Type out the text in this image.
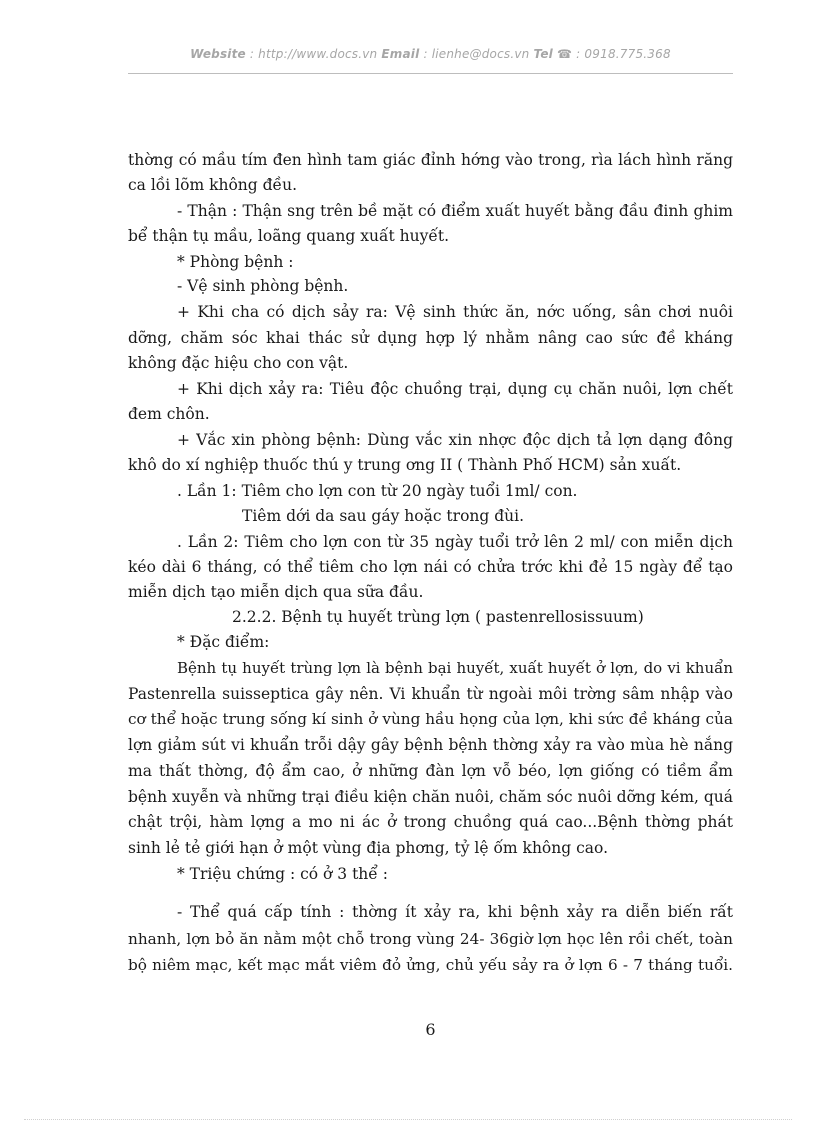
Website : http://www.docs.vn Email : lienhe@docs.vn Tel ☎ : 0918.775.368
thờng có mầu tím đen hình tam giác đỉnh hớng vào trong, rìa lách hình răng
ca lồi lõm không đều.
- Thận : Thận sng trên bề mặt có điểm xuất huyết bằng đầu đinh ghim
bể thận tụ mầu, loãng quang xuất huyết.
* Phòng bệnh :
- Vệ sinh phòng bệnh.
+ Khi cha có dịch sảy ra: Vệ sinh thức ăn, nớc uống, sân chơi nuôi
dỡng, chăm sóc khai thác sử dụng hợp lý nhằm nâng cao sức đề kháng
không đặc hiệu cho con vật.
+ Khi dịch xảy ra: Tiêu độc chuồng trại, dụng cụ chăn nuôi, lợn chết
đem chôn.
+ Vắc xin phòng bệnh: Dùng vắc xin nhợc độc dịch tả lợn dạng đông
khô do xí nghiệp thuốc thú y trung ơng II ( Thành Phố HCM) sản xuất.
. Lần 1: Tiêm cho lợn con từ 20 ngày tuổi 1ml/ con.
Tiêm dới da sau gáy hoặc trong đùi.
. Lần 2: Tiêm cho lợn con từ 35 ngày tuổi trở lên 2 ml/ con miễn dịch
kéo dài 6 tháng, có thể tiêm cho lợn nái có chửa trớc khi đẻ 15 ngày để tạo
miễn dịch tạo miễn dịch qua sữa đầu.
2.2.2. Bệnh tụ huyết trùng lợn ( pastenrellosissuum)
* Đặc điểm:
Bệnh tụ huyết trùng lợn là bệnh bại huyết, xuất huyết ở lợn, do vi khuẩn
Pastenrella suisseptica gây nên. Vi khuẩn từ ngoài môi trờng sâm nhập vào
cơ thể hoặc trung sống kí sinh ở vùng hầu họng của lợn, khi sức đề kháng của
lợn giảm sút vi khuẩn trỗi dậy gây bệnh bệnh thờng xảy ra vào mùa hè nắng
ma thất thờng, độ ẩm cao, ở những đàn lợn vỗ béo, lợn giống có tiềm ẩm
bệnh xuyễn và những trại điều kiện chăn nuôi, chăm sóc nuôi dỡng kém, quá
chật trội, hàm lợng a mo ni ác ở trong chuồng quá cao...Bệnh thờng phát
sinh lẻ tẻ giới hạn ở một vùng địa phơng, tỷ lệ ốm không cao.
* Triệu chứng : có ở 3 thể :
- Thể quá cấp tính : thờng ít xảy ra, khi bệnh xảy ra diễn biến rất
nhanh, lợn bỏ ăn nằm một chỗ trong vùng 24- 36giờ lợn học lên rồi chết, toàn
bộ niêm mạc, kết mạc mắt viêm đỏ ửng, chủ yếu sảy ra ở lợn 6 - 7 tháng tuổi.
6
